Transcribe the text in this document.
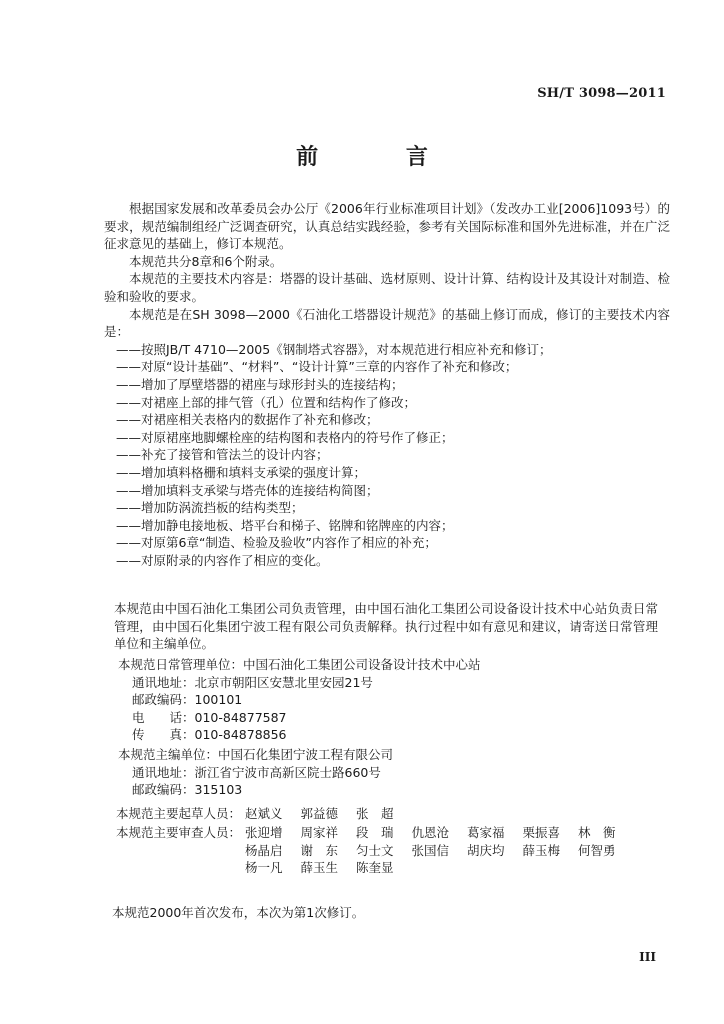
SH/T 3098—2011
前 言

根据国家发展和改革委员会办公厅《2006年行业标准项目计划》（发改办工业[2006]1093号）的要求，规范编制组经广泛调查研究，认真总结实践经验，参考有关国际标准和国外先进标准，并在广泛征求意见的基础上，修订本规范。

本规范共分8章和6个附录。

本规范的主要技术内容是：塔器的设计基础、选材原则、设计计算、结构设计及其设计对制造、检验和验收的要求。

本规范是在SH 3098—2000《石油化工塔器设计规范》的基础上修订而成，修订的主要技术内容是：

——按照JB/T 4710—2005《钢制塔式容器》，对本规范进行相应补充和修订；
——对原“设计基础”、“材料”、“设计计算”三章的内容作了补充和修改；
——增加了厚壁塔器的裙座与球形封头的连接结构；
——对裙座上部的排气管（孔）位置和结构作了修改；
——对裙座相关表格内的数据作了补充和修改；
——对原裙座地脚螺栓座的结构图和表格内的符号作了修正；
——补充了接管和管法兰的设计内容；
——增加填料格栅和填料支承梁的强度计算；
——增加填料支承梁与塔壳体的连接结构简图；
——增加防涡流挡板的结构类型；
——增加静电接地板、塔平台和梯子、铭牌和铭牌座的内容；
——对原第6章“制造、检验及验收”内容作了相应的补充；
——对原附录的内容作了相应的变化。

本规范由中国石油化工集团公司负责管理，由中国石油化工集团公司设备设计技术中心站负责日常管理，由中国石化集团宁波工程有限公司负责解释。执行过程中如有意见和建议，请寄送日常管理单位和主编单位。

本规范日常管理单位：中国石油化工集团公司设备设计技术中心站
通讯地址：北京市朝阳区安慧北里安园21号
邮政编码：100101
电　　话：010-84877587
传　　真：010-84878856
本规范主编单位：中国石化集团宁波工程有限公司
通讯地址：浙江省宁波市高新区院士路660号
邮政编码：315103
本规范主要起草人员： 赵斌义 郭益德 张　超
本规范主要审查人员： 张迎增 周家祥 段　瑞 仇恩沧 葛家福 栗振喜 林　衡 杨晶启 谢　东 匀士文 张国信 胡庆均 薛玉梅 何智勇 杨一凡 薛玉生 陈奎显
本规范2000年首次发布，本次为第1次修订。
III
